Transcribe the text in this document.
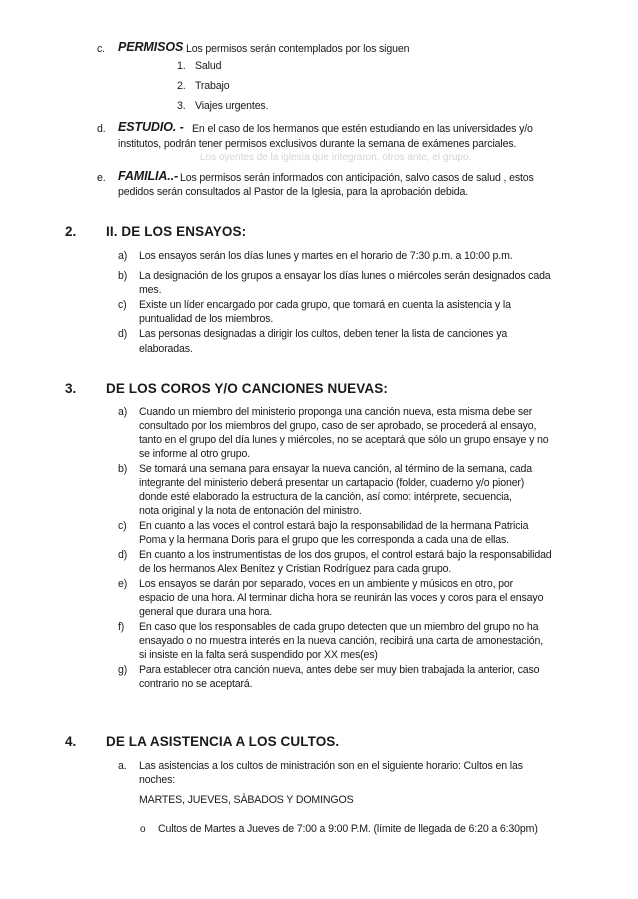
c. PERMISOS Los permisos serán contemplados por los siguen
1. Salud
2. Trabajo
3. Viajes urgentes.
d. ESTUDIO. - En el caso de los hermanos que estén estudiando en las universidades y/o
institutos, podrán tener permisos exclusivos durante la semana de exámenes parciales.
Los oyentes de la iglesia que integraron, otros ante, el grupo.
e. FAMILIA..- Los permisos serán informados con anticipación, salvo casos de salud , estos
pedidos serán consultados al Pastor de la Iglesia, para la aprobación debida.
2. II. DE LOS ENSAYOS:
a) Los ensayos serán los días lunes y martes en el horario de 7:30 p.m. a 10:00 p.m.
b) La designación de los grupos a ensayar los días lunes o miércoles serán designados cada
mes.
c) Existe un líder encargado por cada grupo, que tomará en cuenta la asistencia y la
puntualidad de los miembros.
d) Las personas designadas a dirigir los cultos, deben tener la lista de canciones ya
elaboradas.
3. DE LOS COROS Y/O CANCIONES NUEVAS:
a) Cuando un miembro del ministerio proponga una canción nueva, esta misma debe ser
consultado por los miembros del grupo, caso de ser aprobado, se procederá al ensayo,
tanto en el grupo del día lunes y miércoles, no se aceptará que sólo un grupo ensaye y no
se informe al otro grupo.
b) Se tomará una semana para ensayar la nueva canción, al término de la semana, cada
integrante del ministerio deberá presentar un cartapacio (folder, cuaderno y/o pioner)
donde esté elaborado la estructura de la canción, así como: intérprete, secuencia,
nota original y la nota de entonación del ministro.
c) En cuanto a las voces el control estará bajo la responsabilidad de la hermana Patricia
Poma y la hermana Doris para el grupo que les corresponda a cada una de ellas.
d) En cuanto a los instrumentistas de los dos grupos, el control estará bajo la responsabilidad
de los hermanos Alex Benítez y Cristian Rodríguez para cada grupo.
e) Los ensayos se darán por separado, voces en un ambiente y músicos en otro, por
espacio de una hora. Al terminar dicha hora se reunirán las voces y coros para el ensayo
general que durara una hora.
f) En caso que los responsables de cada grupo detecten que un miembro del grupo no ha
ensayado o no muestra interés en la nueva canción, recibirá una carta de amonestación,
si insiste en la falta será suspendido por XX mes(es)
g) Para establecer otra canción nueva, antes debe ser muy bien trabajada la anterior, caso
contrario no se aceptará.
4. DE LA ASISTENCIA A LOS CULTOS.
a. Las asistencias a los cultos de ministración son en el siguiente horario: Cultos en las
noches:
MARTES, JUEVES, SÀBADOS Y DOMINGOS
o Cultos de Martes a Jueves de 7:00 a 9:00 P.M. (límite de llegada de 6:20 a 6:30pm)
